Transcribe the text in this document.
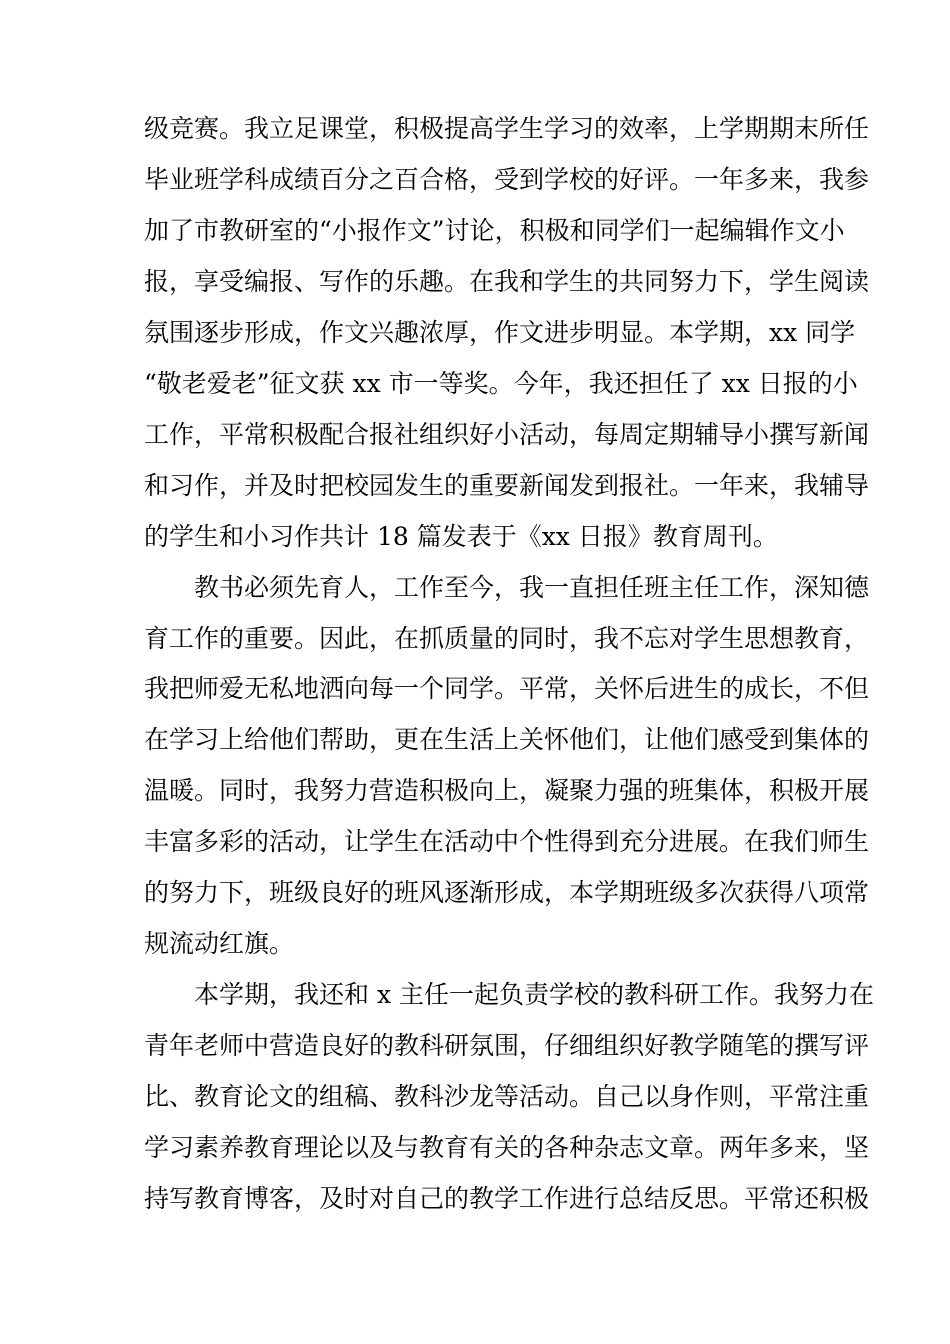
级竞赛。我立足课堂，积极提高学生学习的效率，上学期期末所任
毕业班学科成绩百分之百合格，受到学校的好评。一年多来，我参
加了市教研室的“小报作文”讨论，积极和同学们一起编辑作文小
报，享受编报、写作的乐趣。在我和学生的共同努力下，学生阅读
氛围逐步形成，作文兴趣浓厚，作文进步明显。本学期，xx 同学
“敬老爱老”征文获 xx 市一等奖。今年，我还担任了 xx 日报的小
工作，平常积极配合报社组织好小活动，每周定期辅导小撰写新闻
和习作，并及时把校园发生的重要新闻发到报社。一年来，我辅导
的学生和小习作共计 18 篇发表于《xx 日报》教育周刊。
教书必须先育人，工作至今，我一直担任班主任工作，深知德
育工作的重要。因此，在抓质量的同时，我不忘对学生思想教育，
我把师爱无私地洒向每一个同学。平常，关怀后进生的成长，不但
在学习上给他们帮助，更在生活上关怀他们，让他们感受到集体的
温暖。同时，我努力营造积极向上，凝聚力强的班集体，积极开展
丰富多彩的活动，让学生在活动中个性得到充分进展。在我们师生
的努力下，班级良好的班风逐渐形成，本学期班级多次获得八项常
规流动红旗。
本学期，我还和 x 主任一起负责学校的教科研工作。我努力在
青年老师中营造良好的教科研氛围，仔细组织好教学随笔的撰写评
比、教育论文的组稿、教科沙龙等活动。自己以身作则，平常注重
学习素养教育理论以及与教育有关的各种杂志文章。两年多来，坚
持写教育博客，及时对自己的教学工作进行总结反思。平常还积极
